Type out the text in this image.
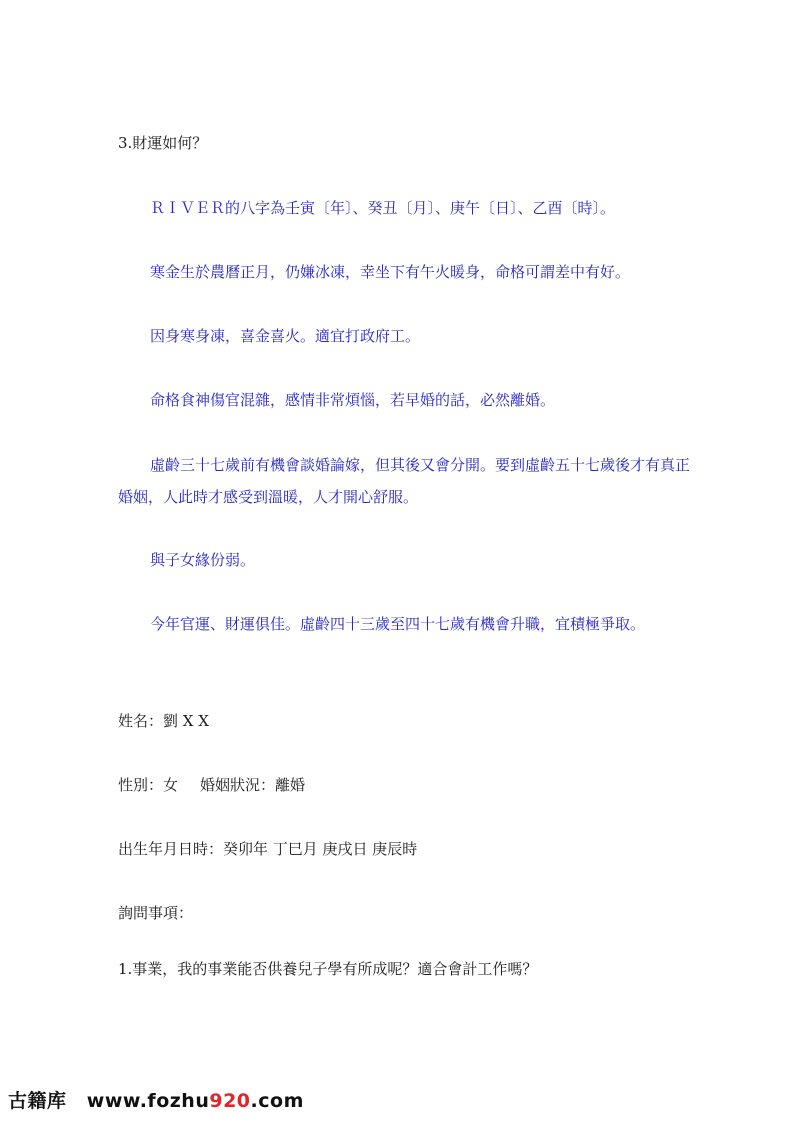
3.財運如何？
ＲＩＶＥＲ的八字為壬寅〔年〕、癸丑〔月〕、庚午〔日〕、乙酉〔時〕。
寒金生於農曆正月，仍嫌冰凍，幸坐下有午火暖身，命格可謂差中有好。
因身寒身凍，喜金喜火。適宜打政府工。
命格食神傷官混雜，感情非常煩惱，若早婚的話，必然離婚。
虛齡三十七歲前有機會談婚論嫁，但其後又會分開。要到虛齡五十七歲後才有真正婚姻，人此時才感受到溫暖，人才開心舒服。
與子女緣份弱。
今年官運、財運俱佳。虛齡四十三歲至四十七歲有機會升職，宜積極爭取。
姓名：劉 X X
性別：女 婚姻狀況：離婚
出生年月日時：癸卯年 丁巳月 庚戌日 庚辰時
詢問事項：
1.事業，我的事業能否供養兒子學有所成呢？適合會計工作嗎？
古籍库 www.fozhu920.com
